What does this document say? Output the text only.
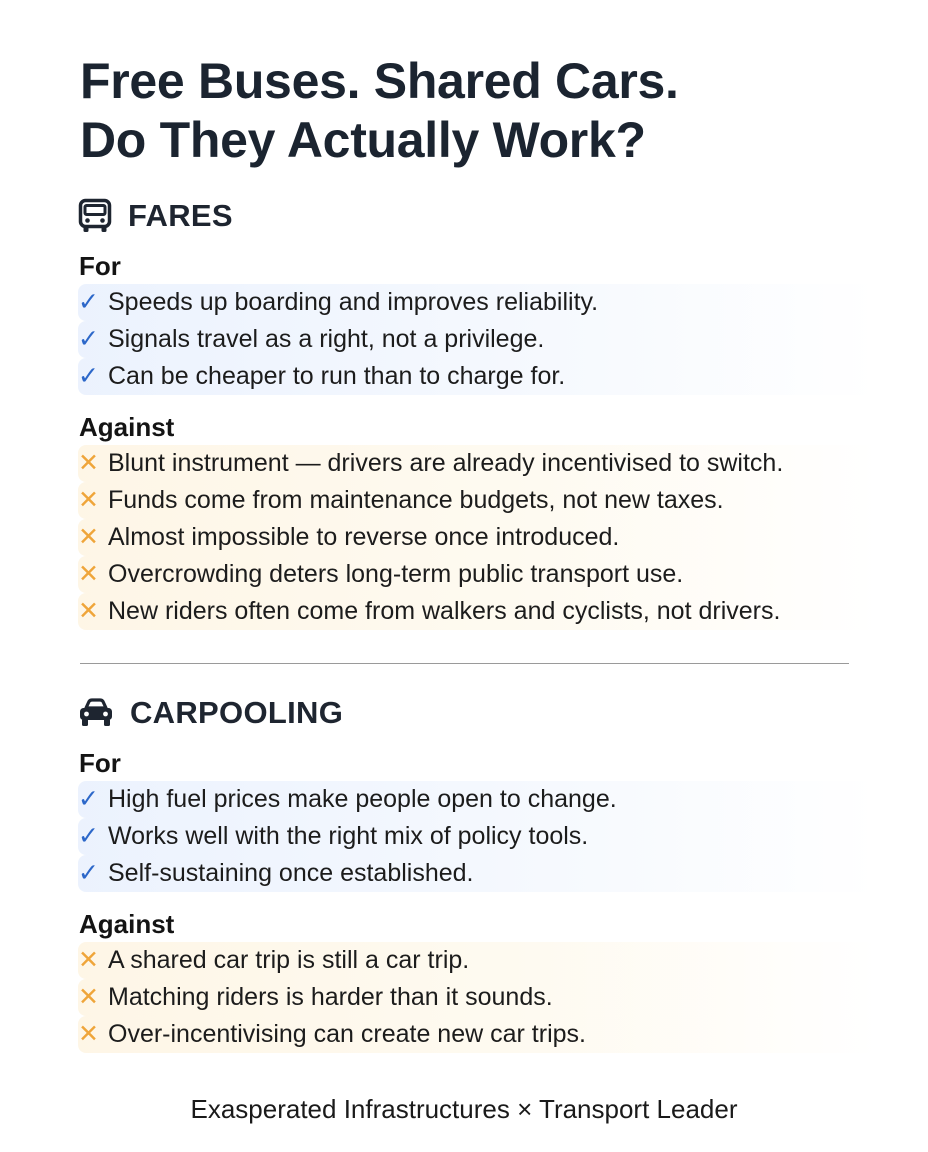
Free Buses. Shared Cars.
Do They Actually Work?
FARES
For
✓ Speeds up boarding and improves reliability.
✓ Signals travel as a right, not a privilege.
✓ Can be cheaper to run than to charge for.
Against
✕ Blunt instrument — drivers are already incentivised to switch.
✕ Funds come from maintenance budgets, not new taxes.
✕ Almost impossible to reverse once introduced.
✕ Overcrowding deters long-term public transport use.
✕ New riders often come from walkers and cyclists, not drivers.
CARPOOLING
For
✓ High fuel prices make people open to change.
✓ Works well with the right mix of policy tools.
✓ Self-sustaining once established.
Against
✕ A shared car trip is still a car trip.
✕ Matching riders is harder than it sounds.
✕ Over-incentivising can create new car trips.
Exasperated Infrastructures × Transport Leader
